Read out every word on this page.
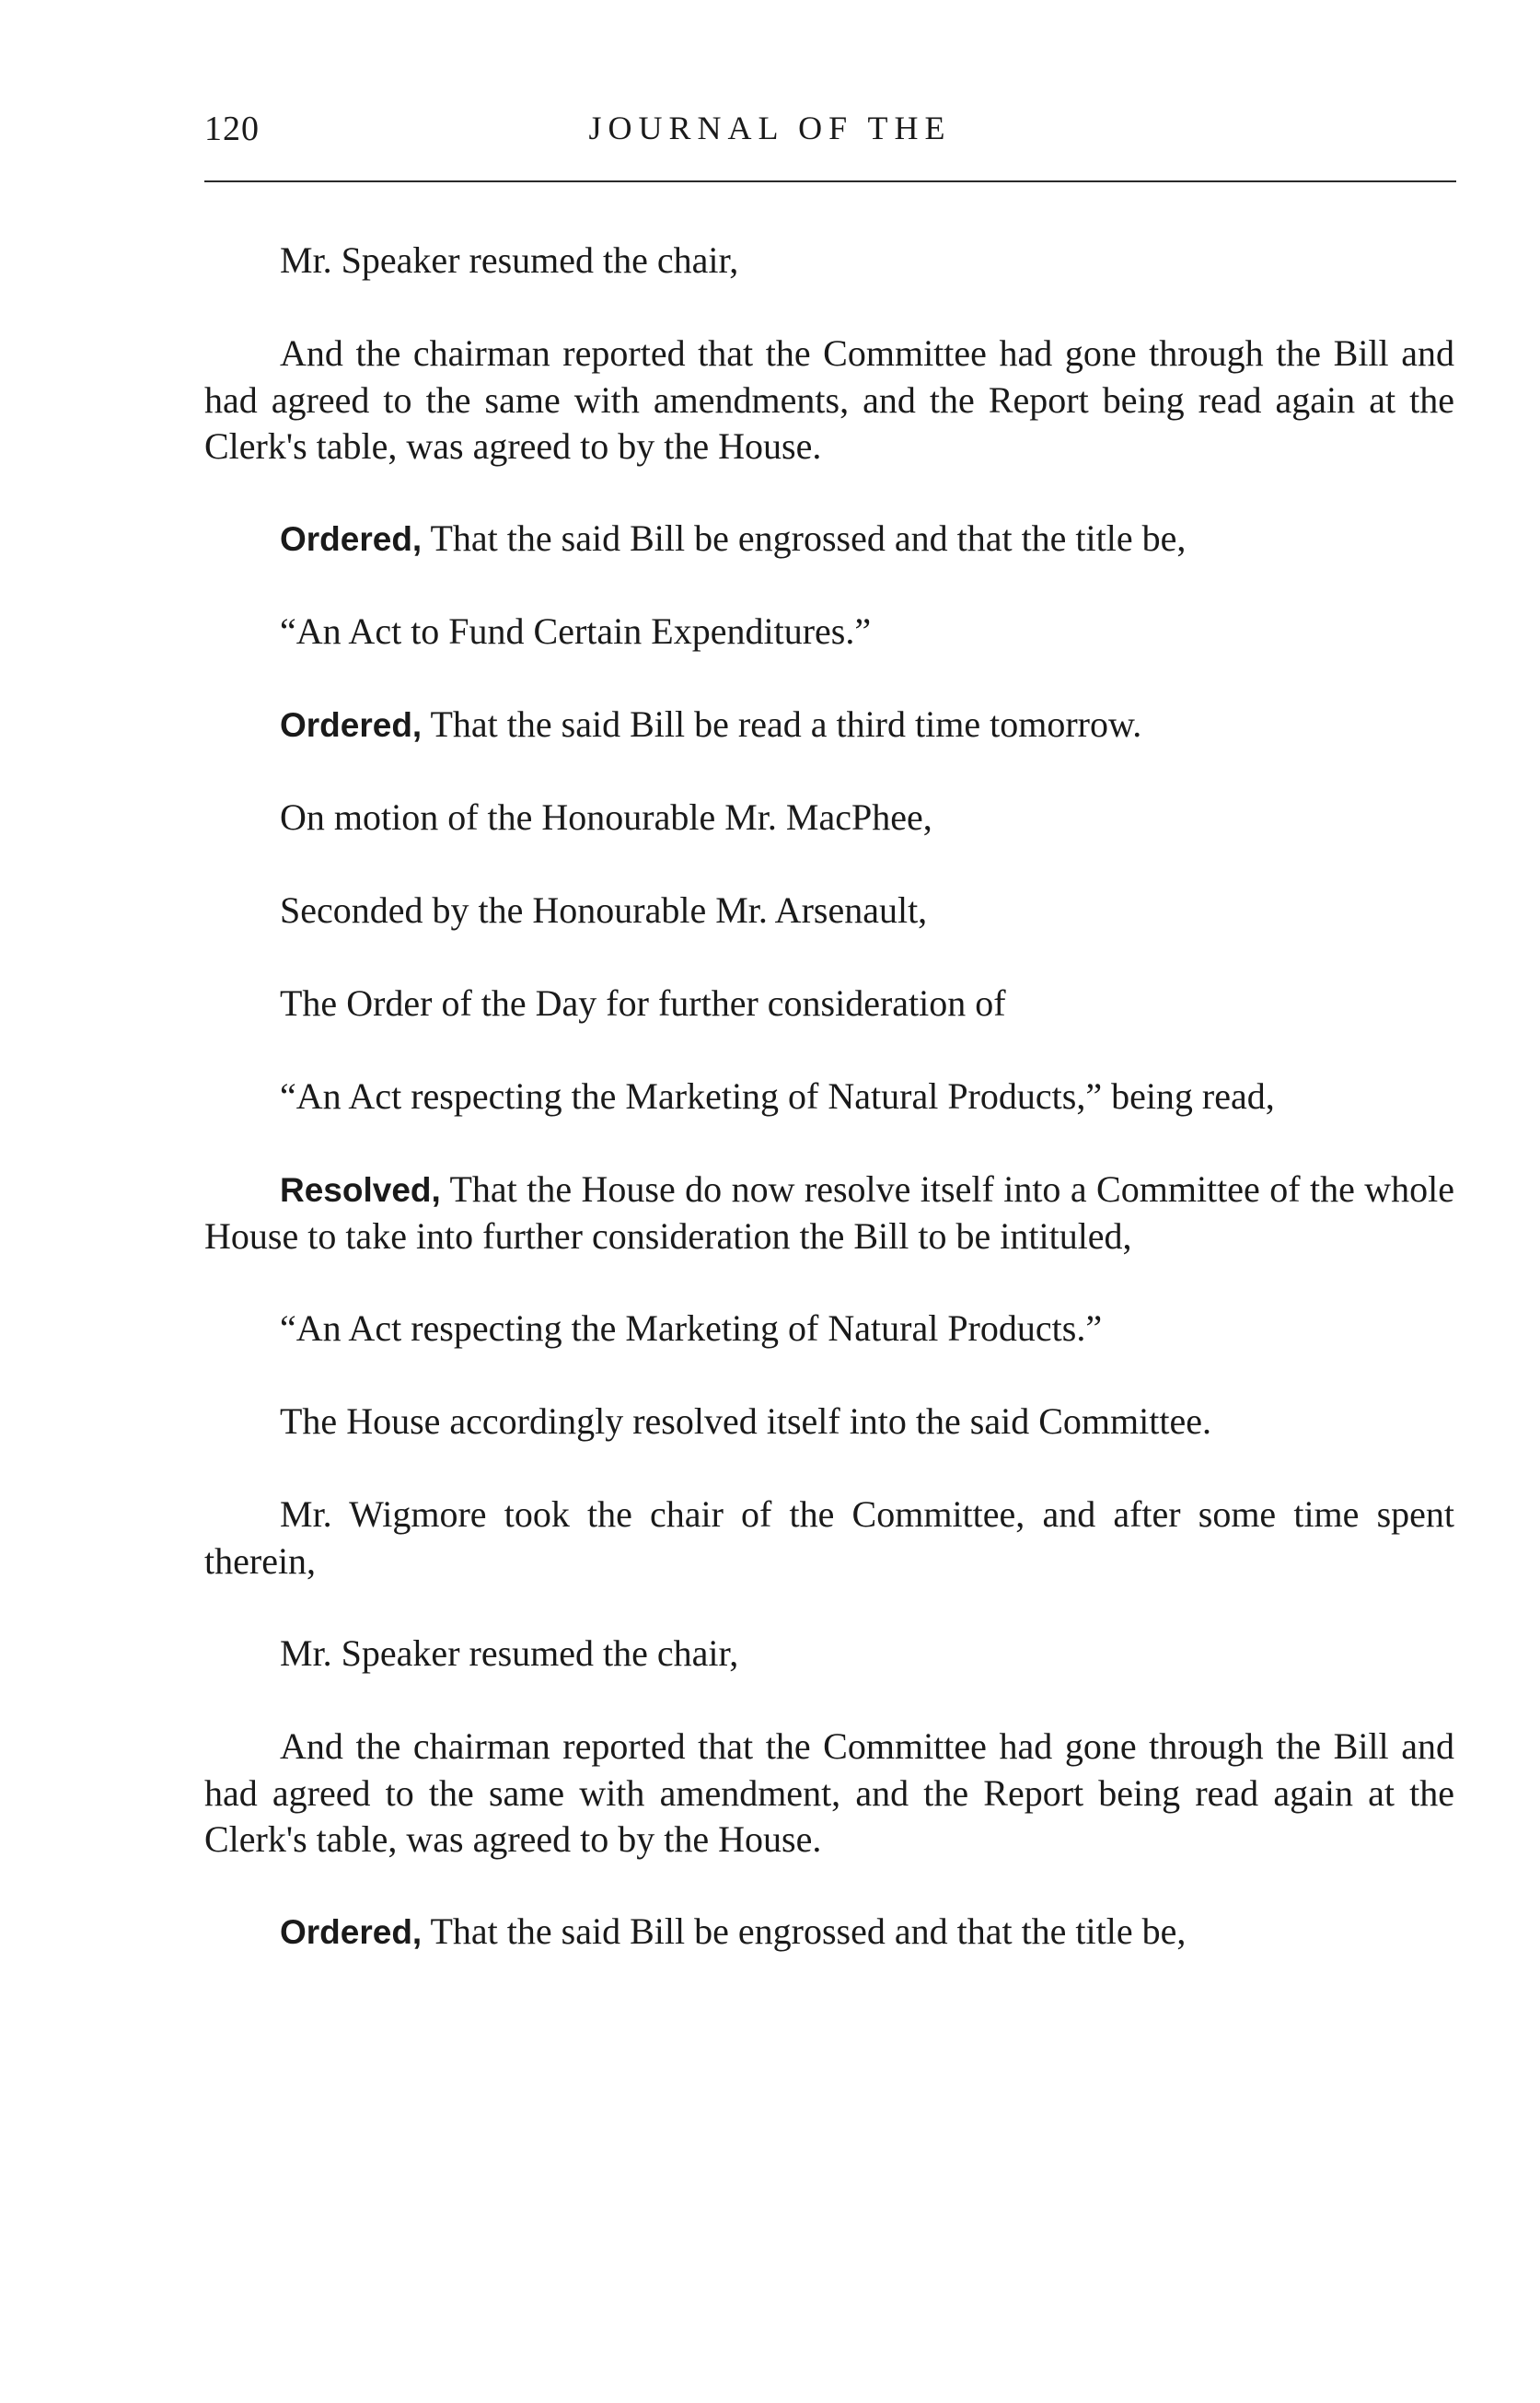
120	JOURNAL OF THE

Mr. Speaker resumed the chair,

And the chairman reported that the Committee had gone through the Bill and had agreed to the same with amendments, and the Report being read again at the Clerk's table, was agreed to by the House.

Ordered, That the said Bill be engrossed and that the title be,

“An Act to Fund Certain Expenditures.”

Ordered, That the said Bill be read a third time tomorrow.

On motion of the Honourable Mr. MacPhee,

Seconded by the Honourable Mr. Arsenault,

The Order of the Day for further consideration of

“An Act respecting the Marketing of Natural Products,” being read,

Resolved, That the House do now resolve itself into a Committee of the whole House to take into further consideration the Bill to be intituled,

“An Act respecting the Marketing of Natural Products.”

The House accordingly resolved itself into the said Committee.

Mr. Wigmore took the chair of the Committee, and after some time spent therein,

Mr. Speaker resumed the chair,

And the chairman reported that the Committee had gone through the Bill and had agreed to the same with amendment, and the Report being read again at the Clerk's table, was agreed to by the House.

Ordered, That the said Bill be engrossed and that the title be,
